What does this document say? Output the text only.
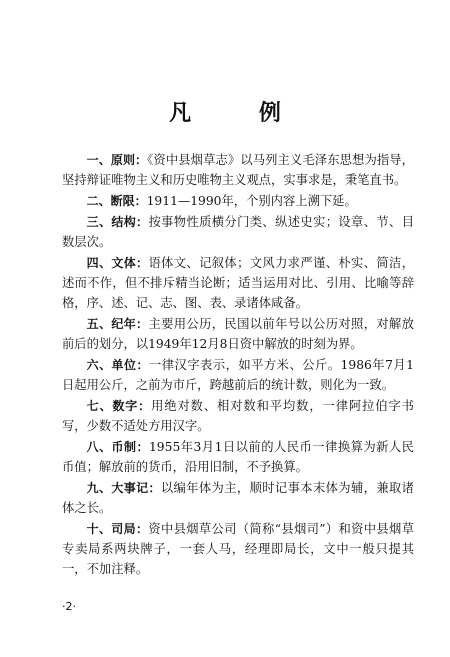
凡 例

一、原则：《资中县烟草志》以马列主义毛泽东思想为指导，坚持辩证唯物主义和历史唯物主义观点，实事求是，秉笔直书。

二、断限：1911—1990年，个别内容上溯下延。

三、结构：按事物性质横分门类、纵述史实；设章、节、目数层次。

四、文体：语体文、记叙体；文风力求严谨、朴实、简洁，述而不作，但不排斥精当论断；适当运用对比、引用、比喻等辞格，序、述、记、志、图、表、录诸体咸备。

五、纪年：主要用公历，民国以前年号以公历对照，对解放前后的划分，以1949年12月8日资中解放的时刻为界。

六、单位：一律汉字表示，如平方米、公斤。1986年7月1日起用公斤，之前为市斤，跨越前后的统计数，则化为一致。

七、数字：用绝对数、相对数和平均数，一律阿拉伯字书写，少数不适处方用汉字。

八、币制：1955年3月1日以前的人民币一律换算为新人民币值；解放前的货币，沿用旧制，不予换算。

九、大事记：以编年体为主，顺时记事本末体为辅，兼取诸体之长。

十、司局：资中县烟草公司（简称“县烟司”）和资中县烟草专卖局系两块牌子，一套人马，经理即局长，文中一般只提其一，不加注释。

·2·
